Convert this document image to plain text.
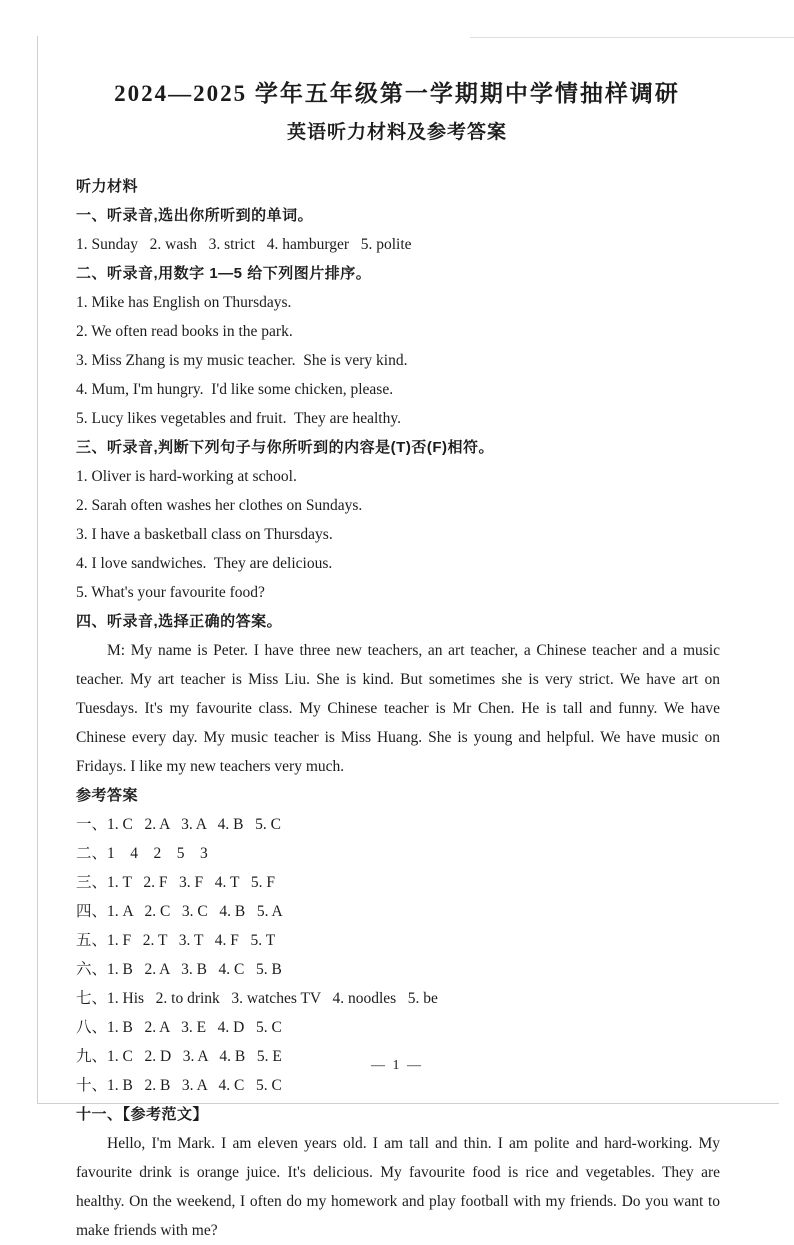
2024—2025 学年五年级第一学期期中学情抽样调研
英语听力材料及参考答案
听力材料
一、听录音,选出你所听到的单词。
1. Sunday   2. wash   3. strict   4. hamburger   5. polite
二、听录音,用数字 1—5 给下列图片排序。
1. Mike has English on Thursdays.
2. We often read books in the park.
3. Miss Zhang is my music teacher.  She is very kind.
4. Mum, I'm hungry.  I'd like some chicken, please.
5. Lucy likes vegetables and fruit.  They are healthy.
三、听录音,判断下列句子与你所听到的内容是(T)否(F)相符。
1. Oliver is hard-working at school.
2. Sarah often washes her clothes on Sundays.
3. I have a basketball class on Thursdays.
4. I love sandwiches.  They are delicious.
5. What's your favourite food?
四、听录音,选择正确的答案。
M: My name is Peter. I have three new teachers, an art teacher, a Chinese teacher and a music teacher. My art teacher is Miss Liu. She is kind. But sometimes she is very strict. We have art on Tuesdays. It's my favourite class. My Chinese teacher is Mr Chen. He is tall and funny. We have Chinese every day. My music teacher is Miss Huang. She is young and helpful. We have music on Fridays. I like my new teachers very much.
参考答案
一、1. C   2. A   3. A   4. B   5. C
二、1    4    2    5    3
三、1. T   2. F   3. F   4. T   5. F
四、1. A   2. C   3. C   4. B   5. A
五、1. F   2. T   3. T   4. F   5. T
六、1. B   2. A   3. B   4. C   5. B
七、1. His   2. to drink   3. watches TV   4. noodles   5. be
八、1. B   2. A   3. E   4. D   5. C
九、1. C   2. D   3. A   4. B   5. E
十、1. B   2. B   3. A   4. C   5. C
十一、【参考范文】
Hello, I'm Mark. I am eleven years old. I am tall and thin. I am polite and hard-working. My favourite drink is orange juice. It's delicious. My favourite food is rice and vegetables. They are healthy. On the weekend, I often do my homework and play football with my friends. Do you want to make friends with me?
— 1 —
